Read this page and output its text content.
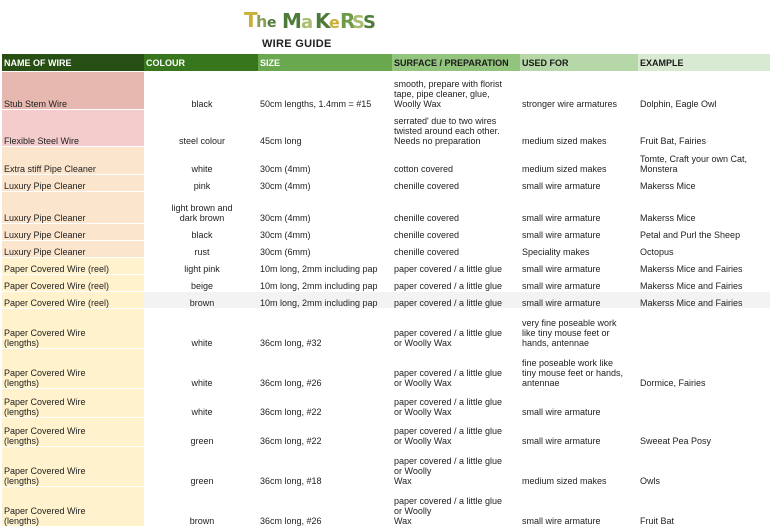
T
h e M a K
e R
S
S
WIRE GUIDE
NAME OF WIRE	COLOUR	SIZE	SURFACE / PREPARATION	USED FOR	EXAMPLE
Stub Stem Wire	black	50cm lengths, 1.4mm = #15	smooth, prepare with florist
tape, pipe cleaner, glue,
Woolly Wax	stronger wire armatures	Dolphin, Eagle Owl
Flexible Steel Wire	steel colour	45cm long	serrated' due to two wires
twisted around each other.
Needs no preparation	medium sized makes	Fruit Bat, Fairies
Extra stiff Pipe Cleaner	white	30cm (4mm)	cotton covered	medium sized makes	Tomte, Craft your own Cat,
Monstera
Luxury Pipe Cleaner	pink	30cm (4mm)	chenille covered	small wire armature	Makerss Mice
Luxury Pipe Cleaner	light brown and
dark brown	30cm (4mm)	chenille covered	small wire armature	Makerss Mice
Luxury Pipe Cleaner	black	30cm (4mm)	chenille covered	small wire armature	Petal and Purl the Sheep
Luxury Pipe Cleaner	rust	30cm (6mm)	chenille covered	Speciality makes	Octopus
Paper Covered Wire (reel)	light pink	10m long, 2mm including pap	paper covered / a little glue	small wire armature	Makerss Mice and Fairies
Paper Covered Wire (reel)	beige	10m long, 2mm including pap	paper covered / a little glue	small wire armature	Makerss Mice and Fairies
Paper Covered Wire (reel)	brown	10m long, 2mm including pap	paper covered / a little glue	small wire armature	Makerss Mice and Fairies
Paper Covered Wire
(lengths)	white	36cm long, #32	paper covered / a little glue
or Woolly Wax	very fine poseable work
like tiny mouse feet or
hands, antennae	
Paper Covered Wire
(lengths)	white	36cm long, #26	paper covered / a little glue
or Woolly Wax	fine poseable work like
tiny mouse feet or hands,
antennae	Dormice, Fairies
Paper Covered Wire
(lengths)	white	36cm long, #22	paper covered / a little glue
or Woolly Wax	small wire armature	
Paper Covered Wire
(lengths)	green	36cm long, #22	paper covered / a little glue
or Woolly Wax	small wire armature	Sweeat Pea Posy
Paper Covered Wire
(lengths)	green	36cm long, #18	paper covered / a little glue
or Woolly
Wax	medium sized makes	Owls
Paper Covered Wire
(lengths)	brown	36cm long, #26	paper covered / a little glue
or Woolly
Wax	small wire armature	Fruit Bat
